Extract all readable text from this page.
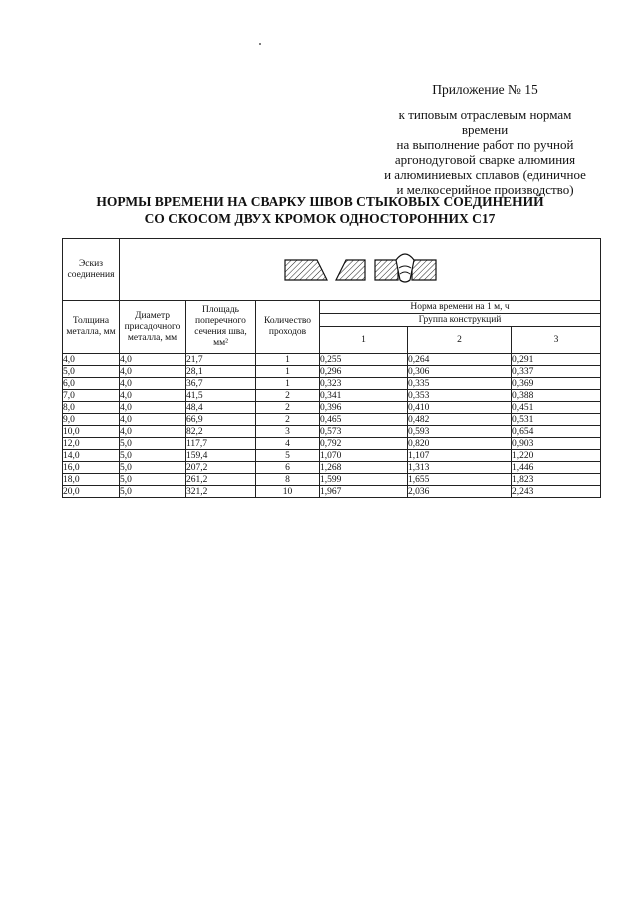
Приложение № 15
к типовым отраслевым нормам времени
на выполнение работ по ручной
аргонодуговой сварке алюминия
и алюминиевых сплавов (единичное
и мелкосерийное производство)
НОРМЫ ВРЕМЕНИ НА СВАРКУ ШВОВ СТЫКОВЫХ СОЕДИНЕНИЙ
СО СКОСОМ ДВУХ КРОМОК ОДНОСТОРОННИХ С17
Эскиз соединения	

Толщина металла, мм	Диаметр присадочного металла, мм	Площадь поперечного сечения шва, мм²	Количество проходов	Норма времени на 1 м, ч		
				Группа конструкций		
				1	2	3
4,0	4,0	21,7	1	0,255	0,264	0,291
5,0	4,0	28,1	1	0,296	0,306	0,337
6,0	4,0	36,7	1	0,323	0,335	0,369
7,0	4,0	41,5	2	0,341	0,353	0,388
8,0	4,0	48,4	2	0,396	0,410	0,451
9,0	4,0	66,9	2	0,465	0,482	0,531
10,0	4,0	82,2	3	0,573	0,593	0,654
12,0	5,0	117,7	4	0,792	0,820	0,903
14,0	5,0	159,4	5	1,070	1,107	1,220
16,0	5,0	207,2	6	1,268	1,313	1,446
18,0	5,0	261,2	8	1,599	1,655	1,823
20,0	5,0	321,2	10	1,967	2,036	2,243
